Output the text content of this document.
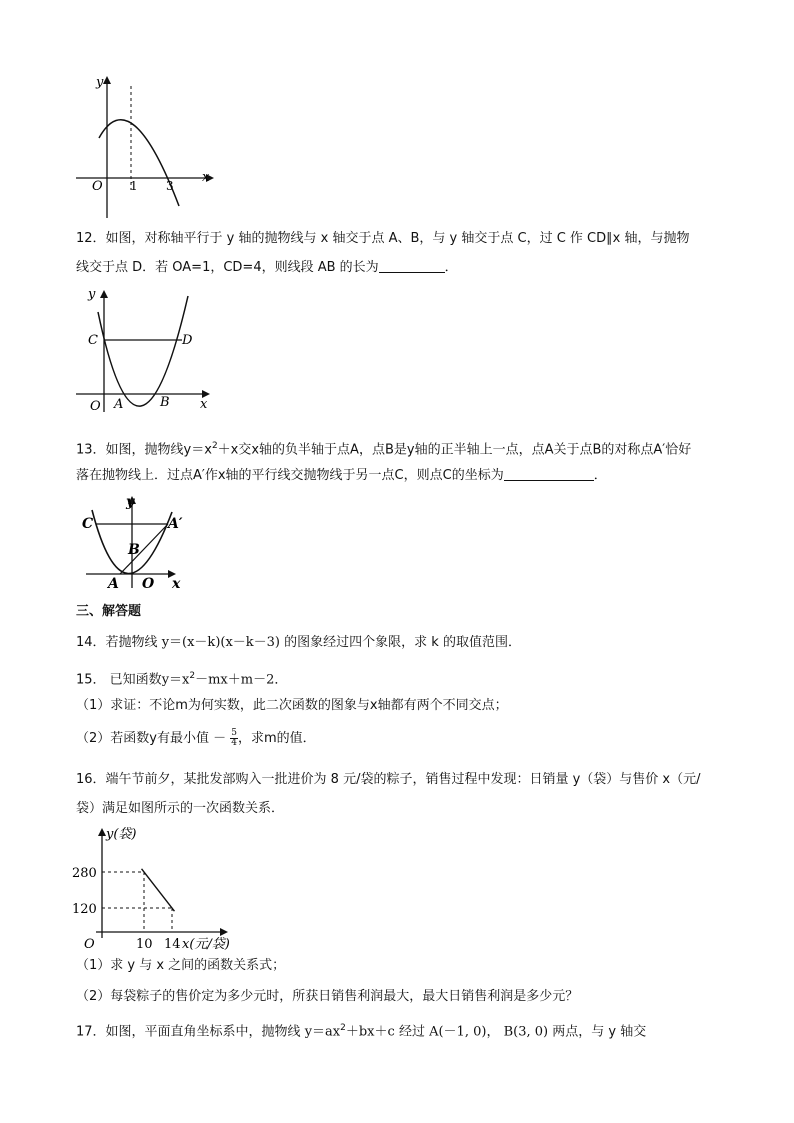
y
x
O 1 3
12．如图，对称轴平行于 y 轴的抛物线与 x 轴交于点 A、B，与 y 轴交于点 C，过 C 作 CD∥x 轴，与抛物
线交于点 D．若 OA=1，CD=4，则线段 AB 的长为	．
y
x
O A	B
C	D
13．如图，抛物线$y=x^2+x$交x轴的负半轴于点A，点B是y轴的正半轴上一点，点A关于点B的对称点A′恰好
落在抛物线上．过点A′作x轴的平行线交抛物线于另一点C，则点C的坐标为	．
y
x
O
A
B
C	A′
三、解答题
14．若抛物线 y＝(x－k)(x－k－3) 的图象经过四个象限，求 k 的取值范围．
15． 已知函数$y=x^2-mx+m-2$．
（1）求证：不论m为何实数，此二次函数的图象与x轴都有两个不同交点；
（2）若函数y有最小值 － $\frac{5}{4}$ ，求m的值．
16．端午节前夕，某批发部购入一批进价为 8 元/袋的粽子，销售过程中发现：日销量 y（袋）与售价 x（元/
袋）满足如图所示的一次函数关系．
10 14
280
120
O
y(袋)
x(元/袋)
（1）求 y 与 x 之间的函数关系式；
（2）每袋粽子的售价定为多少元时，所获日销售利润最大，最大日销售利润是多少元？
17．如图，平面直角坐标系中，抛物线 $y=ax^2+bx+c$ 经过 A(－1, 0)， B(3, 0) 两点，与 y 轴交
